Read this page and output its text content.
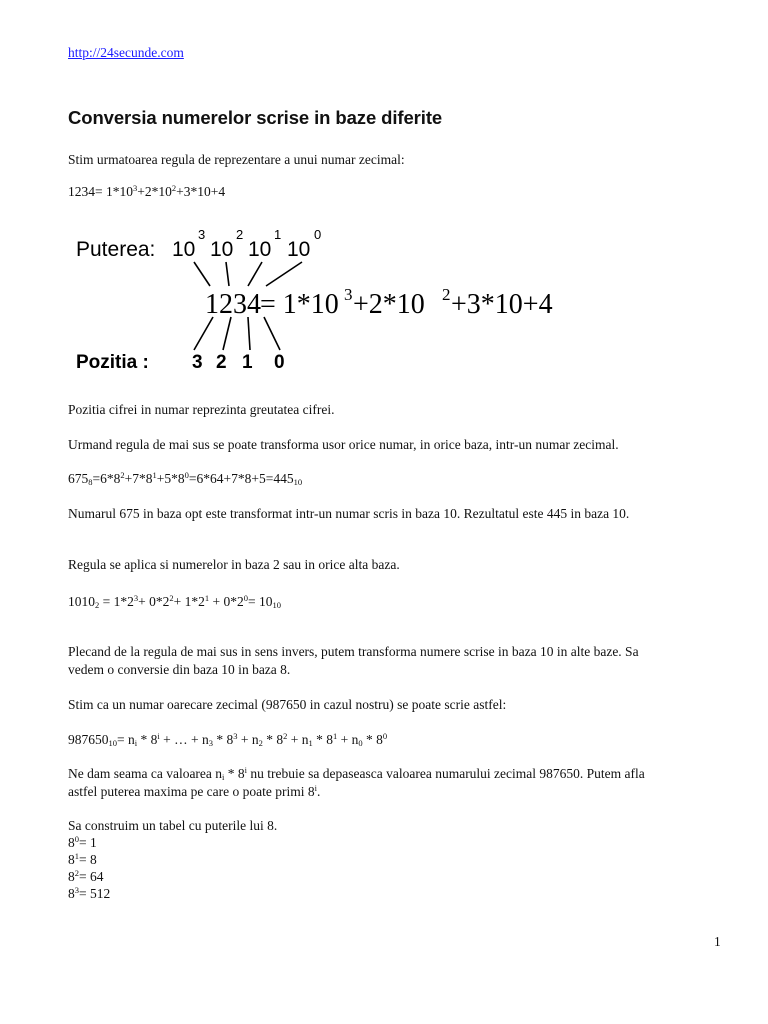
http://24secunde.com
Conversia numerelor scrise in baze diferite
Stim urmatoarea regula de reprezentare a unui numar zecimal:
$1234= 1*10^3+2*10^2+3*10+4$
Puterea: 10
3
10
2
10
1
10
0
1234 = 1*10 3 +2*10 2 +3*10+4
Pozitia : 3 2 1 0
Pozitia cifrei in numar reprezinta greutatea cifrei.
Urmand regula de mai sus se poate transforma usor orice numar, in orice baza, intr-un numar zecimal.
$675_8=6*8^2+7*8^1+5*8^0=6*64+7*8+5=445_{10}$
Numarul 675 in baza opt este transformat intr-un numar scris in baza 10. Rezultatul este 445 in baza 10.
Regula se aplica si numerelor in baza 2 sau in orice alta baza.
$1010_2 = 1*2^3+ 0*2^2+ 1*2^1 + 0*2^0= 10_{10}$
Plecand de la regula de mai sus in sens invers, putem transforma numere scrise in baza 10 in alte baze. Sa
vedem o conversie din baza 10 in baza 8.
Stim ca un numar oarecare zecimal (987650 in cazul nostru) se poate scrie astfel:
$987650_{10}= n_i * 8^i$ + … + $n_3 * 8^3 + n_2 * 8^2 + n_1 * 8^1 + n_0 * 8^0$
Ne dam seama ca valoarea $n_i * 8^i$ nu trebuie sa depaseasca valoarea numarului zecimal 987650. Putem afla
astfel puterea maxima pe care o poate primi 8$^i$.
Sa construim un tabel cu puterile lui 8.
$8^0= 1$
$8^1= 8$
$8^2= 64$
$8^3= 512$
1
